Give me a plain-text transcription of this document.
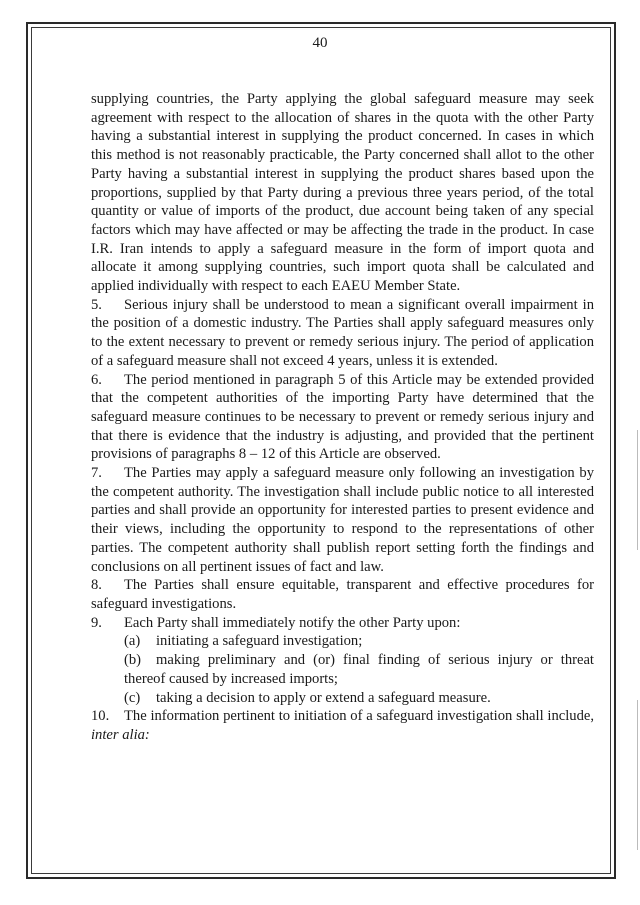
40

supplying countries, the Party applying the global safeguard measure may seek agreement with respect to the allocation of shares in the quota with the other Party having a substantial interest in supplying the product concerned. In cases in which this method is not reasonably practicable, the Party concerned shall allot to the other Party having a substantial interest in supplying the product shares based upon the proportions, supplied by that Party during a previous three years period, of the total quantity or value of imports of the product, due account being taken of any special factors which may have affected or may be affecting the trade in the product. In case I.R. Iran intends to apply a safeguard measure in the form of import quota and allocate it among supplying countries, such import quota shall be calculated and applied individually with respect to each EAEU Member State.

5. Serious injury shall be understood to mean a significant overall impairment in the position of a domestic industry. The Parties shall apply safeguard measures only to the extent necessary to prevent or remedy serious injury. The period of application of a safeguard measure shall not exceed 4 years, unless it is extended.

6. The period mentioned in paragraph 5 of this Article may be extended provided that the competent authorities of the importing Party have determined that the safeguard measure continues to be necessary to prevent or remedy serious injury and that there is evidence that the industry is adjusting, and provided that the pertinent provisions of paragraphs 8 – 12 of this Article are observed.

7. The Parties may apply a safeguard measure only following an investigation by the competent authority. The investigation shall include public notice to all interested parties and shall provide an opportunity for interested parties to present evidence and their views, including the opportunity to respond to the representations of other parties. The competent authority shall publish report setting forth the findings and conclusions on all pertinent issues of fact and law.

8. The Parties shall ensure equitable, transparent and effective procedures for safeguard investigations.

9. Each Party shall immediately notify the other Party upon:

(a) initiating a safeguard investigation;

(b) making preliminary and (or) final finding of serious injury or threat thereof caused by increased imports;

(c) taking a decision to apply or extend a safeguard measure.

10. The information pertinent to initiation of a safeguard investigation shall include, inter alia:
